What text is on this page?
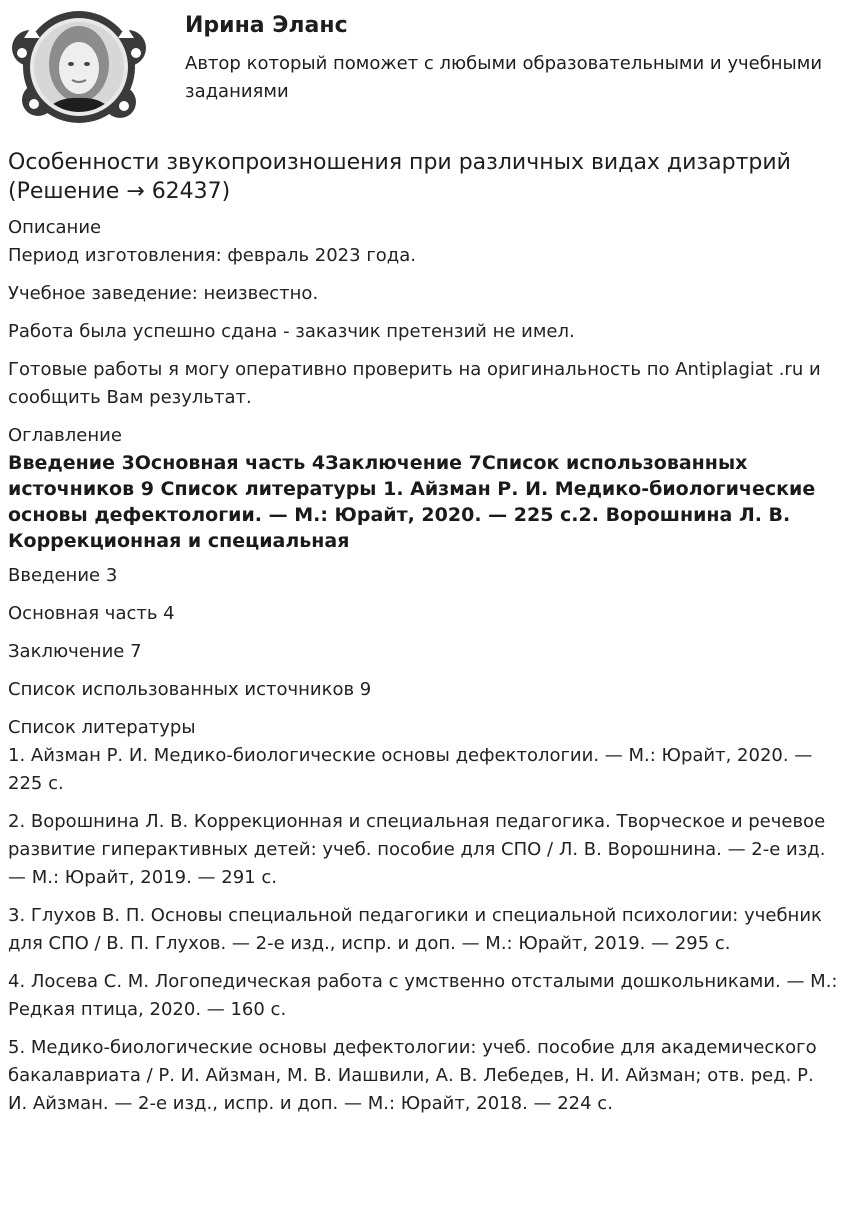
Ирина Эланс
Автор который поможет с любыми образовательными и учебными заданиями
Особенности звукопроизношения при различных видах дизартрий (Решение → 62437)
Описание

Период изготовления: февраль 2023 года.

Учебное заведение: неизвестно.

Работа была успешно сдана - заказчик претензий не имел.

Готовые работы я могу оперативно проверить на оригинальность по Antiplagiat .ru и сообщить Вам результат.

Оглавление
Введение 3Основная часть 4Заключение 7Список использованных источников 9 Список литературы 1. Айзман Р. И. Медико-биологические основы дефектологии. — М.: Юрайт, 2020. — 225 с.2. Ворошнина Л. В. Коррекционная и специальная

Введение 3

Основная часть 4

Заключение 7

Список использованных источников 9

Список литературы

1. Айзман Р. И. Медико-биологические основы дефектологии. — М.: Юрайт, 2020. — 225 с.

2. Ворошнина Л. В. Коррекционная и специальная педагогика. Творческое и речевое развитие гиперактивных детей: учеб. пособие для СПО / Л. В. Ворошнина. — 2-е изд. — М.: Юрайт, 2019. — 291 с.

3. Глухов В. П. Основы специальной педагогики и специальной психологии: учебник для СПО / В. П. Глухов. — 2-е изд., испр. и доп. — М.: Юрайт, 2019. — 295 с.

4. Лосева С. М. Логопедическая работа с умственно отсталыми дошкольниками. — М.: Редкая птица, 2020. — 160 с.

5. Медико-биологические основы дефектологии: учеб. пособие для академического бакалавриата / Р. И. Айзман, М. В. Иашвили, А. В. Лебедев, Н. И. Айзман; отв. ред. Р. И. Айзман. — 2-е изд., испр. и доп. — М.: Юрайт, 2018. — 224 с.
